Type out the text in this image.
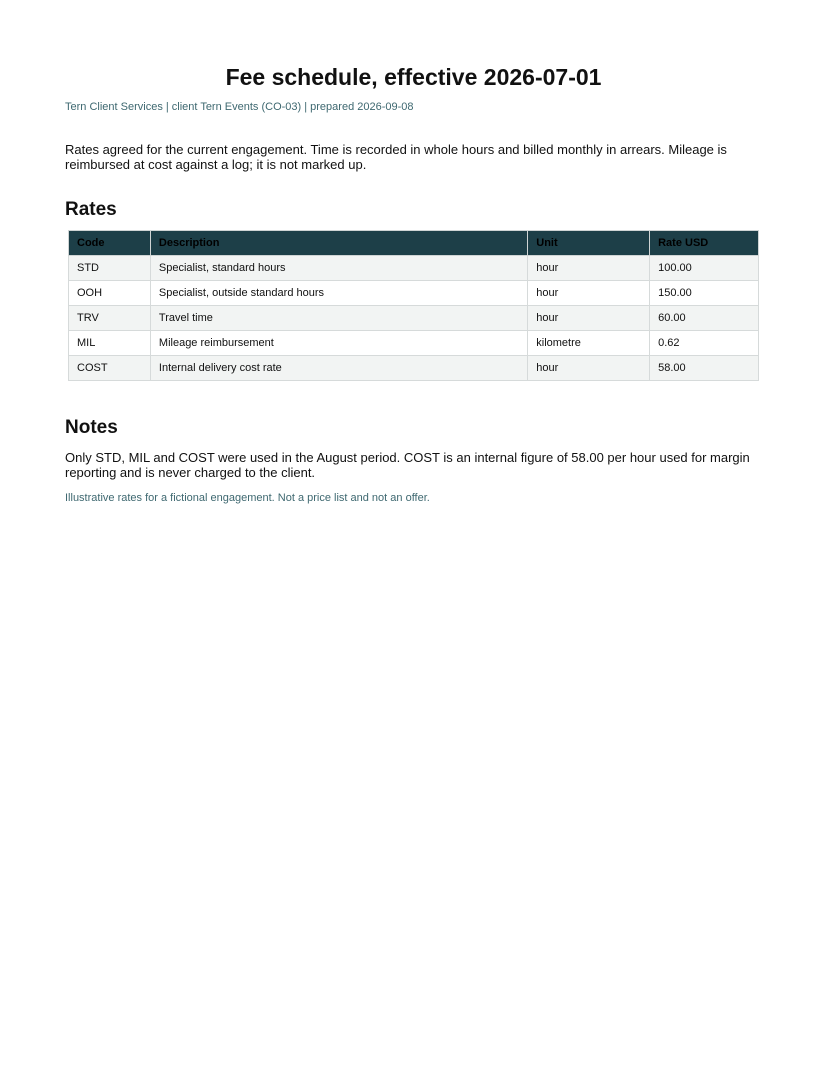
Fee schedule, effective 2026-07-01

Tern Client Services | client Tern Events (CO-03) | prepared 2026-09-08

Rates agreed for the current engagement. Time is recorded in whole hours and billed monthly in arrears. Mileage is reimbursed at cost against a log; it is not marked up.

Rates
Code	Description	Unit	Rate USD
STD	Specialist, standard hours	hour	100.00
OOH	Specialist, outside standard hours	hour	150.00
TRV	Travel time	hour	60.00
MIL	Mileage reimbursement	kilometre	0.62
COST	Internal delivery cost rate	hour	58.00
Notes

Only STD, MIL and COST were used in the August period. COST is an internal figure of 58.00 per hour used for margin reporting and is never charged to the client.

Illustrative rates for a fictional engagement. Not a price list and not an offer.
